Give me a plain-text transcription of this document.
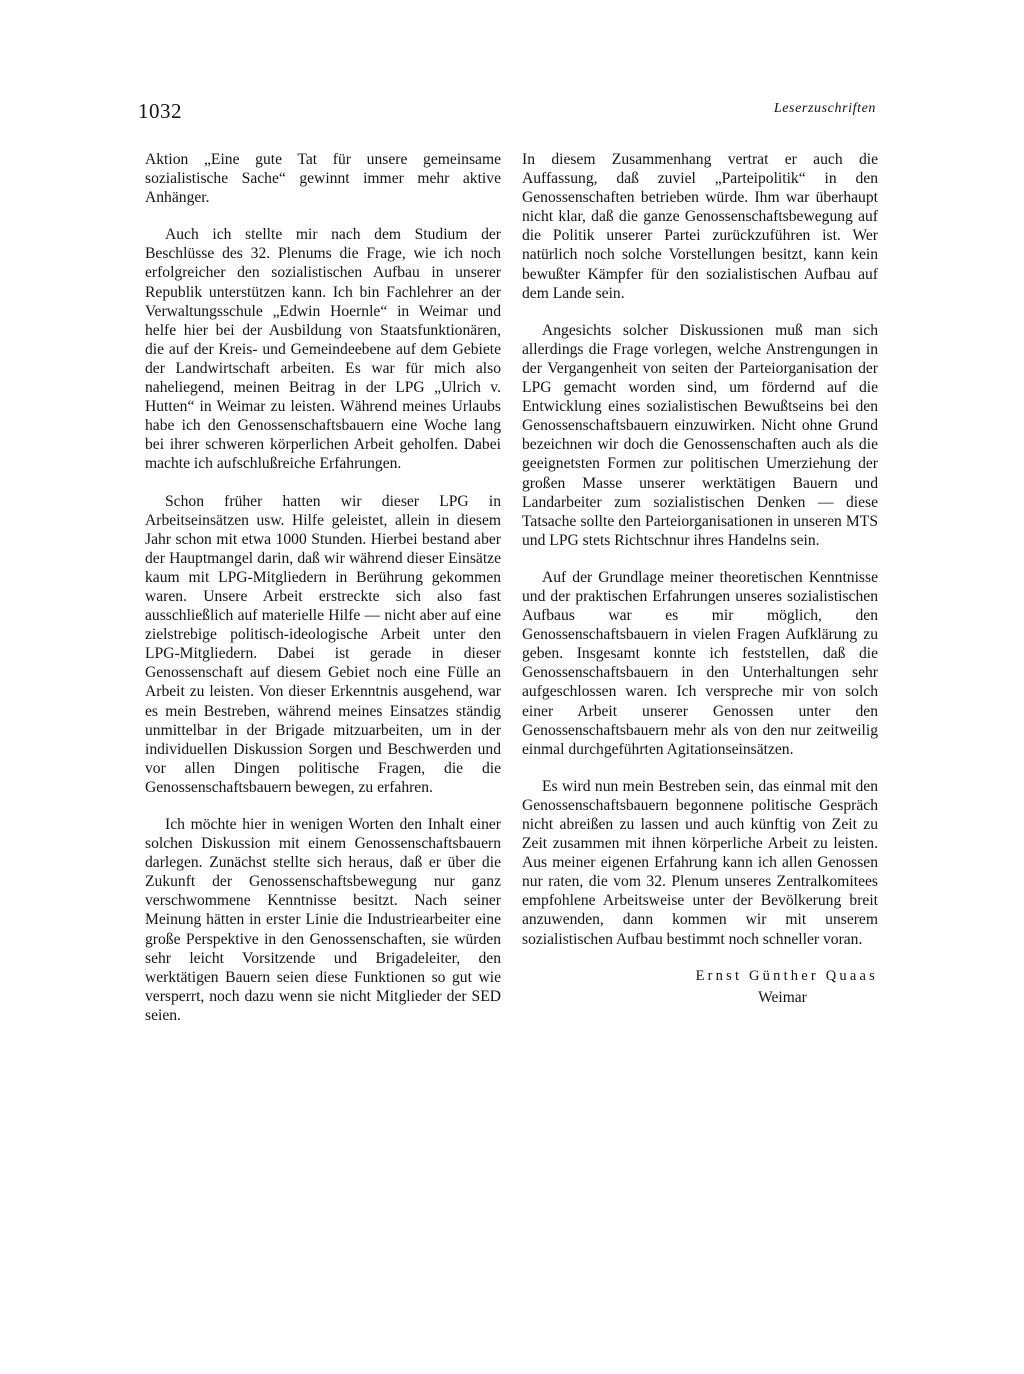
1032	Leserzuschriften

Aktion „Eine gute Tat für unsere gemeinsame sozialistische Sache“ gewinnt immer mehr aktive Anhänger.

Auch ich stellte mir nach dem Studium der Beschlüsse des 32. Plenums die Frage, wie ich noch erfolgreicher den sozialistischen Aufbau in unserer Republik unterstützen kann. Ich bin Fachlehrer an der Verwaltungsschule „Edwin Hoernle“ in Weimar und helfe hier bei der Ausbildung von Staatsfunktionären, die auf der Kreis- und Gemeindeebene auf dem Gebiete der Landwirtschaft arbeiten. Es war für mich also naheliegend, meinen Beitrag in der LPG „Ulrich v. Hutten“ in Weimar zu leisten. Während meines Urlaubs habe ich den Genossenschaftsbauern eine Woche lang bei ihrer schweren körperlichen Arbeit geholfen. Dabei machte ich aufschlußreiche Erfahrungen.

Schon früher hatten wir dieser LPG in Arbeitseinsätzen usw. Hilfe geleistet, allein in diesem Jahr schon mit etwa 1000 Stunden. Hierbei bestand aber der Hauptmangel darin, daß wir während dieser Einsätze kaum mit LPG-Mitgliedern in Berührung gekommen waren. Unsere Arbeit erstreckte sich also fast ausschließlich auf materielle Hilfe — nicht aber auf eine zielstrebige politisch-ideologische Arbeit unter den LPG-Mitgliedern. Dabei ist gerade in dieser Genossenschaft auf diesem Gebiet noch eine Fülle an Arbeit zu leisten. Von dieser Erkenntnis ausgehend, war es mein Bestreben, während meines Einsatzes ständig unmittelbar in der Brigade mitzuarbeiten, um in der individuellen Diskussion Sorgen und Beschwerden und vor allen Dingen politische Fragen, die die Genossenschaftsbauern bewegen, zu erfahren.

Ich möchte hier in wenigen Worten den Inhalt einer solchen Diskussion mit einem Genossenschaftsbauern darlegen. Zunächst stellte sich heraus, daß er über die Zukunft der Genossenschaftsbewegung nur ganz verschwommene Kenntnisse besitzt. Nach seiner Meinung hätten in erster Linie die Industriearbeiter eine große Perspektive in den Genossenschaften, sie würden sehr leicht Vorsitzende und Brigadeleiter, den werktätigen Bauern seien diese Funktionen so gut wie versperrt, noch dazu wenn sie nicht Mitglieder der SED seien.

In diesem Zusammenhang vertrat er auch die Auffassung, daß zuviel „Parteipolitik“ in den Genossenschaften betrieben würde. Ihm war überhaupt nicht klar, daß die ganze Genossenschaftsbewegung auf die Politik unserer Partei zurückzuführen ist. Wer natürlich noch solche Vorstellungen besitzt, kann kein bewußter Kämpfer für den sozialistischen Aufbau auf dem Lande sein.

Angesichts solcher Diskussionen muß man sich allerdings die Frage vorlegen, welche Anstrengungen in der Vergangenheit von seiten der Parteiorganisation der LPG gemacht worden sind, um fördernd auf die Entwicklung eines sozialistischen Bewußtseins bei den Genossenschaftsbauern einzuwirken. Nicht ohne Grund bezeichnen wir doch die Genossenschaften auch als die geeignetsten Formen zur politischen Umerziehung der großen Masse unserer werktätigen Bauern und Landarbeiter zum sozialistischen Denken — diese Tatsache sollte den Parteiorganisationen in unseren MTS und LPG stets Richtschnur ihres Handelns sein.

Auf der Grundlage meiner theoretischen Kenntnisse und der praktischen Erfahrungen unseres sozialistischen Aufbaus war es mir möglich, den Genossenschaftsbauern in vielen Fragen Aufklärung zu geben. Insgesamt konnte ich feststellen, daß die Genossenschaftsbauern in den Unterhaltungen sehr aufgeschlossen waren. Ich verspreche mir von solch einer Arbeit unserer Genossen unter den Genossenschaftsbauern mehr als von den nur zeitweilig einmal durchgeführten Agitationseinsätzen.

Es wird nun mein Bestreben sein, das einmal mit den Genossenschaftsbauern begonnene politische Gespräch nicht abreißen zu lassen und auch künftig von Zeit zu Zeit zusammen mit ihnen körperliche Arbeit zu leisten. Aus meiner eigenen Erfahrung kann ich allen Genossen nur raten, die vom 32. Plenum unseres Zentralkomitees empfohlene Arbeitsweise unter der Bevölkerung breit anzuwenden, dann kommen wir mit unserem sozialistischen Aufbau bestimmt noch schneller voran.

Ernst Günther Quaas
Weimar
